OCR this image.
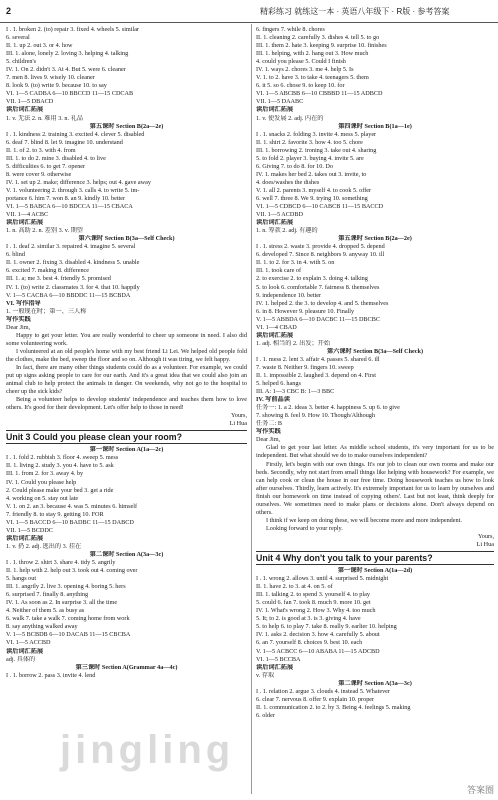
2	精彩练习 就练这一本 · 英语八年级下 · R版 · 参考答案
I . 1. broken 2. (to) repair 3. fixed 4. wheels 5. similar
6. several
II. 1. up 2. out 3. or 4. how
III. 1. alone, lonely 2. loving 3. helping 4. talking
5. children's
IV. 1. On 2. didn't 3. At 4. But 5. were 6. cleaner
7. men 8. lives 9. wisely 10. cleaner
8. look 9. (to) write 9. because 10. to say
VI. 1—5 CADBA 6—10 BBCCD 11—15 CDCAB
VII. 1—5 DBACD
读后词汇拓展
1. v. 无法 2. n. 难用 3. n. 礼品
第五课时 Section B(2a—2e)
I . 1. kindness 2. training 3. excited 4. clever 5. disabled
6. deaf 7. blind 8. let 9. imagine 10. understand
II. 1. of 2. to 3. with 4. from
III. 1. to do 2. mine 3. disabled 4. to live
5. difficulties 6. to get 7. opener
8. were cover 9. otherwise
IV. 1. set up 2. make; difference 3. helps; out 4. gave away
V. 1. volunteering 2. through 3. calls 4. to write 5. im-
portance 6. him 7. won 8. an 9. kindly 10. better
VI. 1—5 BABCA 6—10 BDCCA 11—15 CBACA
VII. 1—4 ACBC
读后词汇拓展
1. n. 高助 2. n. 差别 3. v. 期望
第六课时 Section B(3a—Self Check)
I . 1. deaf 2. similar 3. repaired 4. imagine 5. several
6. blind
II. 1. owner 2. fixing 3. disabled 4. kindness 5. unable
6. excited 7. making 8. difference
III. 1. a; me 3. best 4. friendly 5. promised
IV. 1. (to) write 2. classmates 3. for 4. that 10. happily
V. 1—5 CACBA 6—10 BBDDC 11—15 BCBDA
VI. 写作指导
1. 一般现在时；第一、三人称
写作实践
Dear Jim,
Happy to get your letter. You are really wonderful to cheer up someone in need. I also did some volunteering work.
I volunteered at an old people's home with my best friend Li Lei. We helped old people fold the clothes, make the bed, sweep the floor and so on. Although it was tiring, we felt happy.
In fact, there are many other things students could do as a volunteer. For example, we could put up signs asking people to care for our earth. And it's a great idea that we could also join an animal club to help protect the animals in danger. On weekends, why not go to the hospital to cheer up the sick kids?
Being a volunteer helps to develop students' independence and teaches them how to love others. It's good for their development. Let's offer help to those in need!
Yours,
Li Hua
Unit 3 Could you please clean your room?
第一课时 Section A(1a—2c)
I . 1. fold 2. rubbish 3. floor 4. sweep 5. mess
II. 1. living 2. study 3. you 4. have to 5. ask
III. 1. from 2. for 3. away 4. by
IV. 1. Could you please help
2. Could please make your bed 3. get a ride
4. working on 5. stay out late
V. 1. on 2. an 3. because 4. was 5. minutes 6. himself
7. friendly 8. to stay 9. getting 10. FOR
VI. 1—5 BACCD 6—10 BADBC 11—15 DABCD
VII. 1—5 BCDDC
读后词汇拓展
1. v. 扔 2. adj. 逃出的 3. 挂在
第二课时 Section A(3a—3c)
I . 1. throw 2. shirt 3. share 4. tidy 5. angrily
II. 1. help with 2. help out 3. took out 4. coming over
5. hangs out
III. 1. angrily 2. live 3. opening 4. boring 5. hers
6. surprised 7. finally 8. anything
IV. 1. As soon as 2. In surprise 3. all the time
4. Neither of them 5. as busy as
6. walk 7. take a walk 7. coming home from work
8. say anything walked away
V. 1—5 BCBDB 6—10 DACAB 11—15 CBCBA
VI. 1—5 ACCBD
读后词汇拓展
adj. 具体的
第三课时 Section A(Grammar 4a—4c)
I . 1. borrow 2. pass 3. invite 4. lend
6. fingers 7. while 8. chores
II. 1. cleaning 2. carefully 3. dishes 4. tell 5. to go
III. 1. them 2. hate 3. keeping 9. surprise 10. finishes
III. 1. helping, with 2. hang out 3. How much
4. could you please 5. Could I finish
IV. 1. ways 2. chores 3. me 4. help 5. Is
V. 1. to 2. have 3. to take 4. teenagers 5. them
6. it 5. so 6. chose 9. to keep 10. for
VI. 1—5 ABCBB 6—10 CBBBD 11—15 ADBCD
VII. 1—5 DAABC
读后词汇拓展
1. v. 使发展 2. adj. 内在的
第四课时 Section B(1a—1e)
I . 1. snacks 2. folding 3. invite 4. mess 5. player
II. 1. shirt 2. favorite 3. how 4. too 5. chore
III. 1. borrowing 2. ironing 3. take out 4. sharing
5. to fold 2. player 3. buying 4. invite 5. are
6. Giving 7. to do 8. for 10. Do
IV. 1. makes her bed 2. takes out 3. invite, to
4. does/washes the dishes
V. 1. all 2. parents 3. myself 4. to cook 5. offer
6. well 7. three 8. We 9. trying 10. something
VI. 1—5 CDBCD 6—10 CABCB 11—15 BACCD
VII. 1—5 ACDBD
读后词汇拓展
1. n. 筹款 2. adj. 有趣的
第五课时 Section B(2a—2e)
I . 1. stress 2. waste 3. provide 4. dropped 5. depend
6. developed 7. Since 8. neighbors 9. anyway 10. ill
II. 1. to 2. for 3. in 4. with 5. on
III. 1. took care of
2. to exercise 2. to explain 3. doing 4. talking
5. to look 6. comfortable 7. fairness 8. themselves
9. independence 10. better
IV. 1. helped 2. the 3. to develop 4. and 5. themselves
6. in 8. However 9. pleasure 10. Finally
V. 1—5 ABBDA 6—10 DACBC 11—15 DBCBC
VI. 1—4 CBAD
读后词汇拓展
1. adj. 相当的 2. 出发；开始
第六课时 Section B(3a—Self Check)
I . 1. mess 2. lent 3. affair 4. passes 5. shared 6. ill
7. waste 8. Neither 9. fingers 10. sweep
II. 1. impossible 2. laughed 3. depend on 4. First
5. helped 6. hangs
III. A: 1—3 CBC B: 1—3 BBC
IV. 写前晶读
任务一: 1. a 2. ideas 3. better 4. happiness 5. up 6. to give
7. showing 8. feel 9. How 10. Though/Although
任务二: B
写作实践
Dear Jim,
Glad to get your last letter. As middle school students, it's very important for us to be independent. But what should we do to make ourselves independent?
Firstly, let's begin with our own things. It's our job to clean our own rooms and make our beds. Secondly, why not start from small things like helping with housework? For example, we can help cook or clean the house in our free time. Doing housework teaches us how to look after ourselves. Thirdly, learn actively. It's extremely important for us to learn by ourselves and finish our homework on time instead of copying others'. Last but not least, think deeply for ourselves. We sometimes need to make plans or decisions alone. Don't always depend on others.
I think if we keep on doing these, we will become more and more independent.
Looking forward to your reply.
Yours,
Li Hua
Unit 4 Why don't you talk to your parents?
第一课时 Section A(1a—2d)
I . 1. wrong 2. allows 3. until 4. surprised 5. midnight
II. 1. have 2. to 3. at 4. on 5. of
III. 1. talking 2. to spend 3. yourself 4. to play
5. could 6. fan 7. took 8. much 9. more 10. get
IV. 1. What's wrong 2. How 3. Why 4. too much
5. It; to 2. is good at 3. is 3. giving 4. have
5. to help 6. to play 7. take 8. really 9. earlier 10. helping
IV. 1. asks 2. decision 3. how 4. carefully 5. about
6. an 7. yourself 8. choices 9. best 10. each
V. 1—5 ACBCC 6—10 ABABA 11—15 ADCBD
VI. 1—5 BCCBA
读后词汇拓展
v. 存取
第二课时 Section A(3a—3c)
I . 1. relation 2. argue 3. clouds 4. instead 5. Whatever
6. clear 7. nervous 8. offer 9. explain 10. proper
II. 1. communication 2. to 2. by 3. Being 4. feelings 5. making
6. older
jingling
答案圈
